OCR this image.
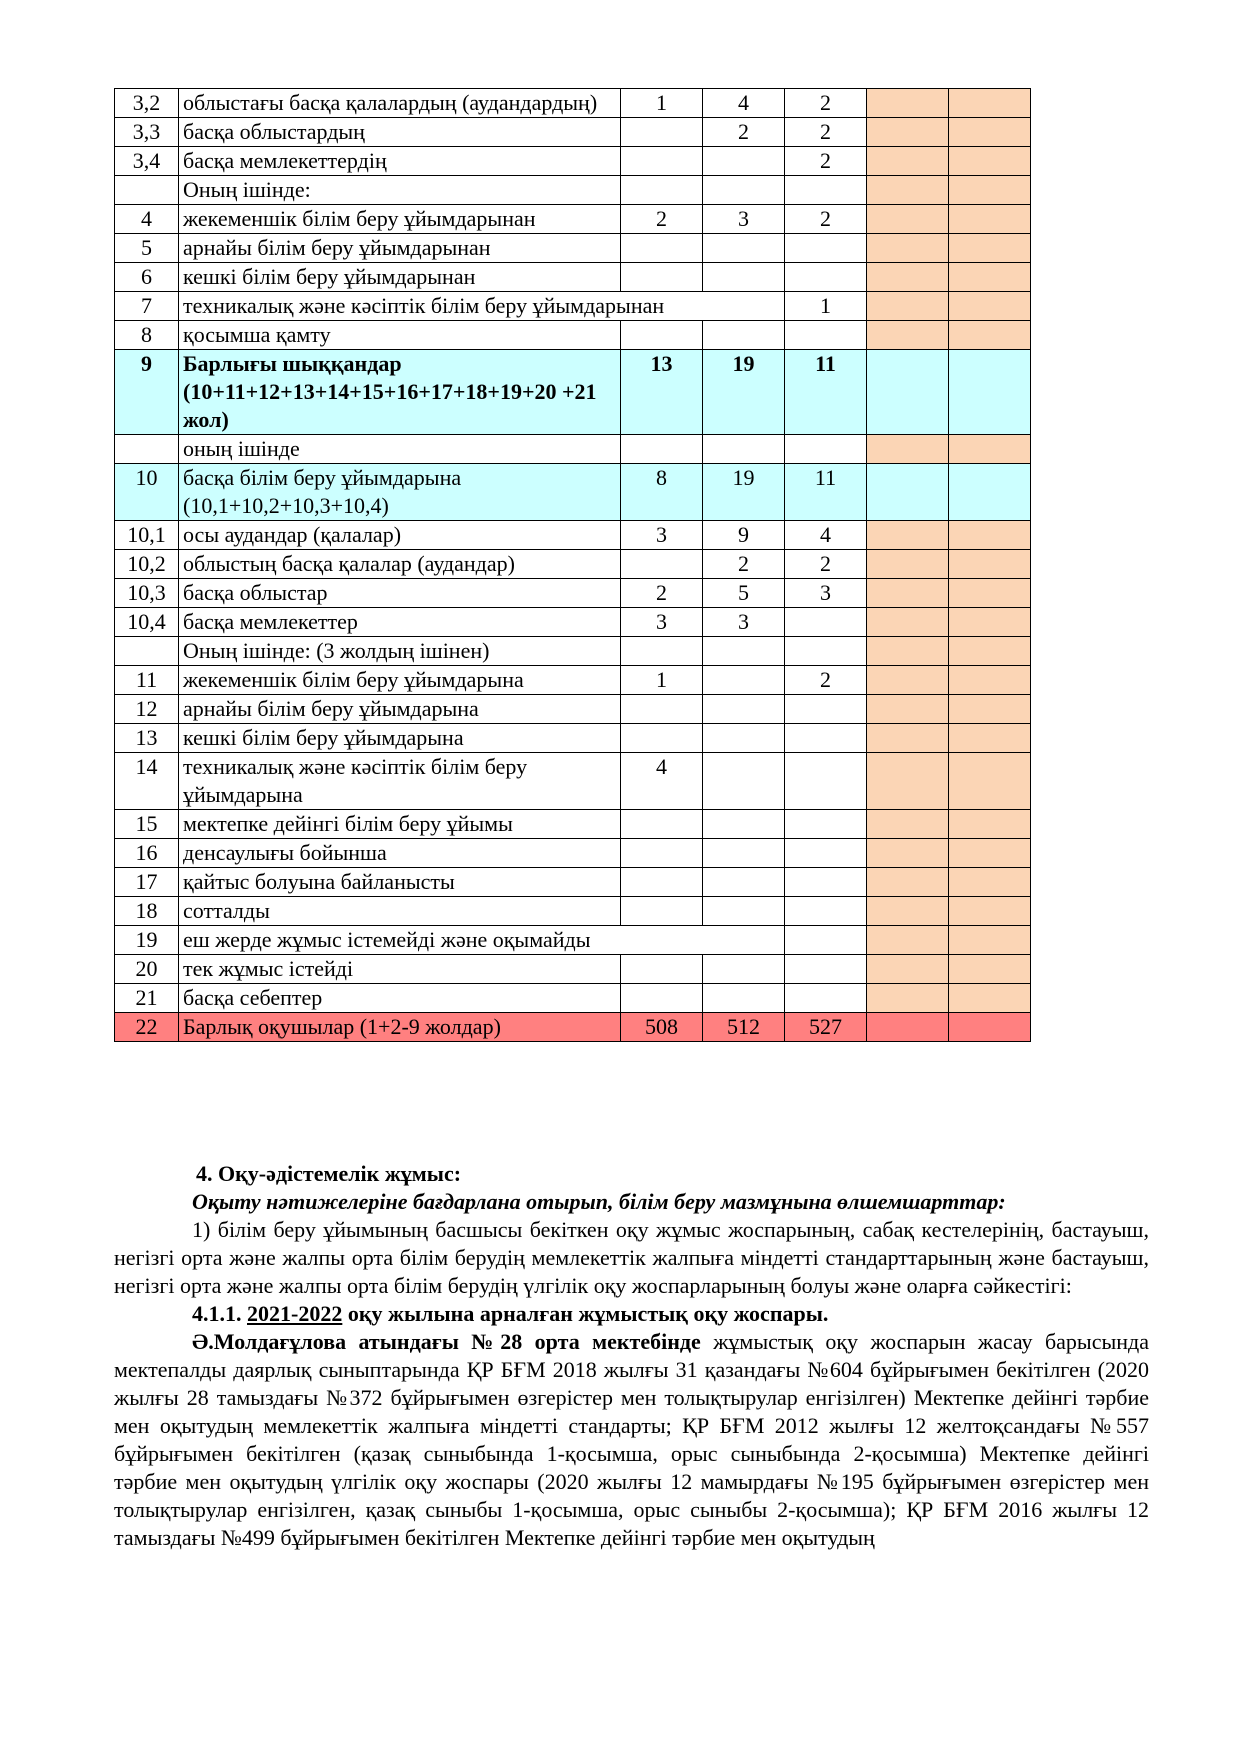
3,2	облыстағы басқа қалалардың (аудандардың)	1	4	2		
3,3	басқа облыстардың		2	2		
3,4	басқа мемлекеттердің			2		
	Оның ішінде:					
4	жекеменшік білім беру ұйымдарынан	2	3	2		
5	арнайы білім беру ұйымдарынан					
6	кешкі білім беру ұйымдарынан					
7	техникалық және кәсіптік білім беру ұйымдарынан			1		
8	қосымша қамту					
9	Барлығы шыққандар (10+11+12+13+14+15+16+17+18+19+20 +21 жол)	13	19	11		
	оның ішінде					
10	басқа білім беру ұйымдарына (10,1+10,2+10,3+10,4)	8	19	11		
10,1	осы аудандар (қалалар)	3	9	4		
10,2	облыстың басқа қалалар (аудандар)		2	2		
10,3	басқа облыстар	2	5	3		
10,4	басқа мемлекеттер	3	3			
	Оның ішінде: (3 жолдың ішінен)					
11	жекеменшік білім беру ұйымдарына	1		2		
12	арнайы білім беру ұйымдарына					
13	кешкі білім беру ұйымдарына					
14	техникалық және кәсіптік білім беру ұйымдарына	4				
15	мектепке дейінгі білім беру ұйымы					
16	денсаулығы бойынша					
17	қайтыс болуына байланысты					
18	сотталды					
19	еш жерде жұмыс істемейді және оқымайды					
20	тек жұмыс істейді					
21	басқа себептер					
22	Барлық оқушылар (1+2-9 жолдар)	508	512	527		

4. Оқу-әдістемелік жұмыс:

Оқыту нәтижелеріне бағдарлана отырып, білім беру мазмұнына өлшемшарттар:

1) білім беру ұйымының басшысы бекіткен оқу жұмыс жоспарының, сабақ кестелерінің, бастауыш, негізгі орта және жалпы орта білім берудің мемлекеттік жалпыға міндетті стандарттарының және бастауыш, негізгі орта және жалпы орта білім берудің үлгілік оқу жоспарларының болуы және оларға сәйкестігі:

4.1.1. 2021-2022 оқу жылына арналған жұмыстық оқу жоспары.

Ә.Молдағұлова атындағы №28 орта мектебінде жұмыстық оқу жоспарын жасау барысында мектепалды даярлық сыныптарында ҚР БҒМ 2018 жылғы 31 қазандағы №604 бұйрығымен бекітілген (2020 жылғы 28 тамыздағы №372 бұйрығымен өзгерістер мен толықтырулар енгізілген) Мектепке дейінгі тәрбие мен оқытудың мемлекеттік жалпыға міндетті стандарты; ҚР БҒМ 2012 жылғы 12 желтоқсандағы №557 бұйрығымен бекітілген (қазақ сыныбында 1-қосымша, орыс сыныбында 2-қосымша) Мектепке дейінгі тәрбие мен оқытудың үлгілік оқу жоспары (2020 жылғы 12 мамырдағы №195 бұйрығымен өзгерістер мен толықтырулар енгізілген, қазақ сыныбы 1-қосымша, орыс сыныбы 2-қосымша); ҚР БҒМ 2016 жылғы 12 тамыздағы №499 бұйрығымен бекітілген Мектепке дейінгі тәрбие мен оқытудың
